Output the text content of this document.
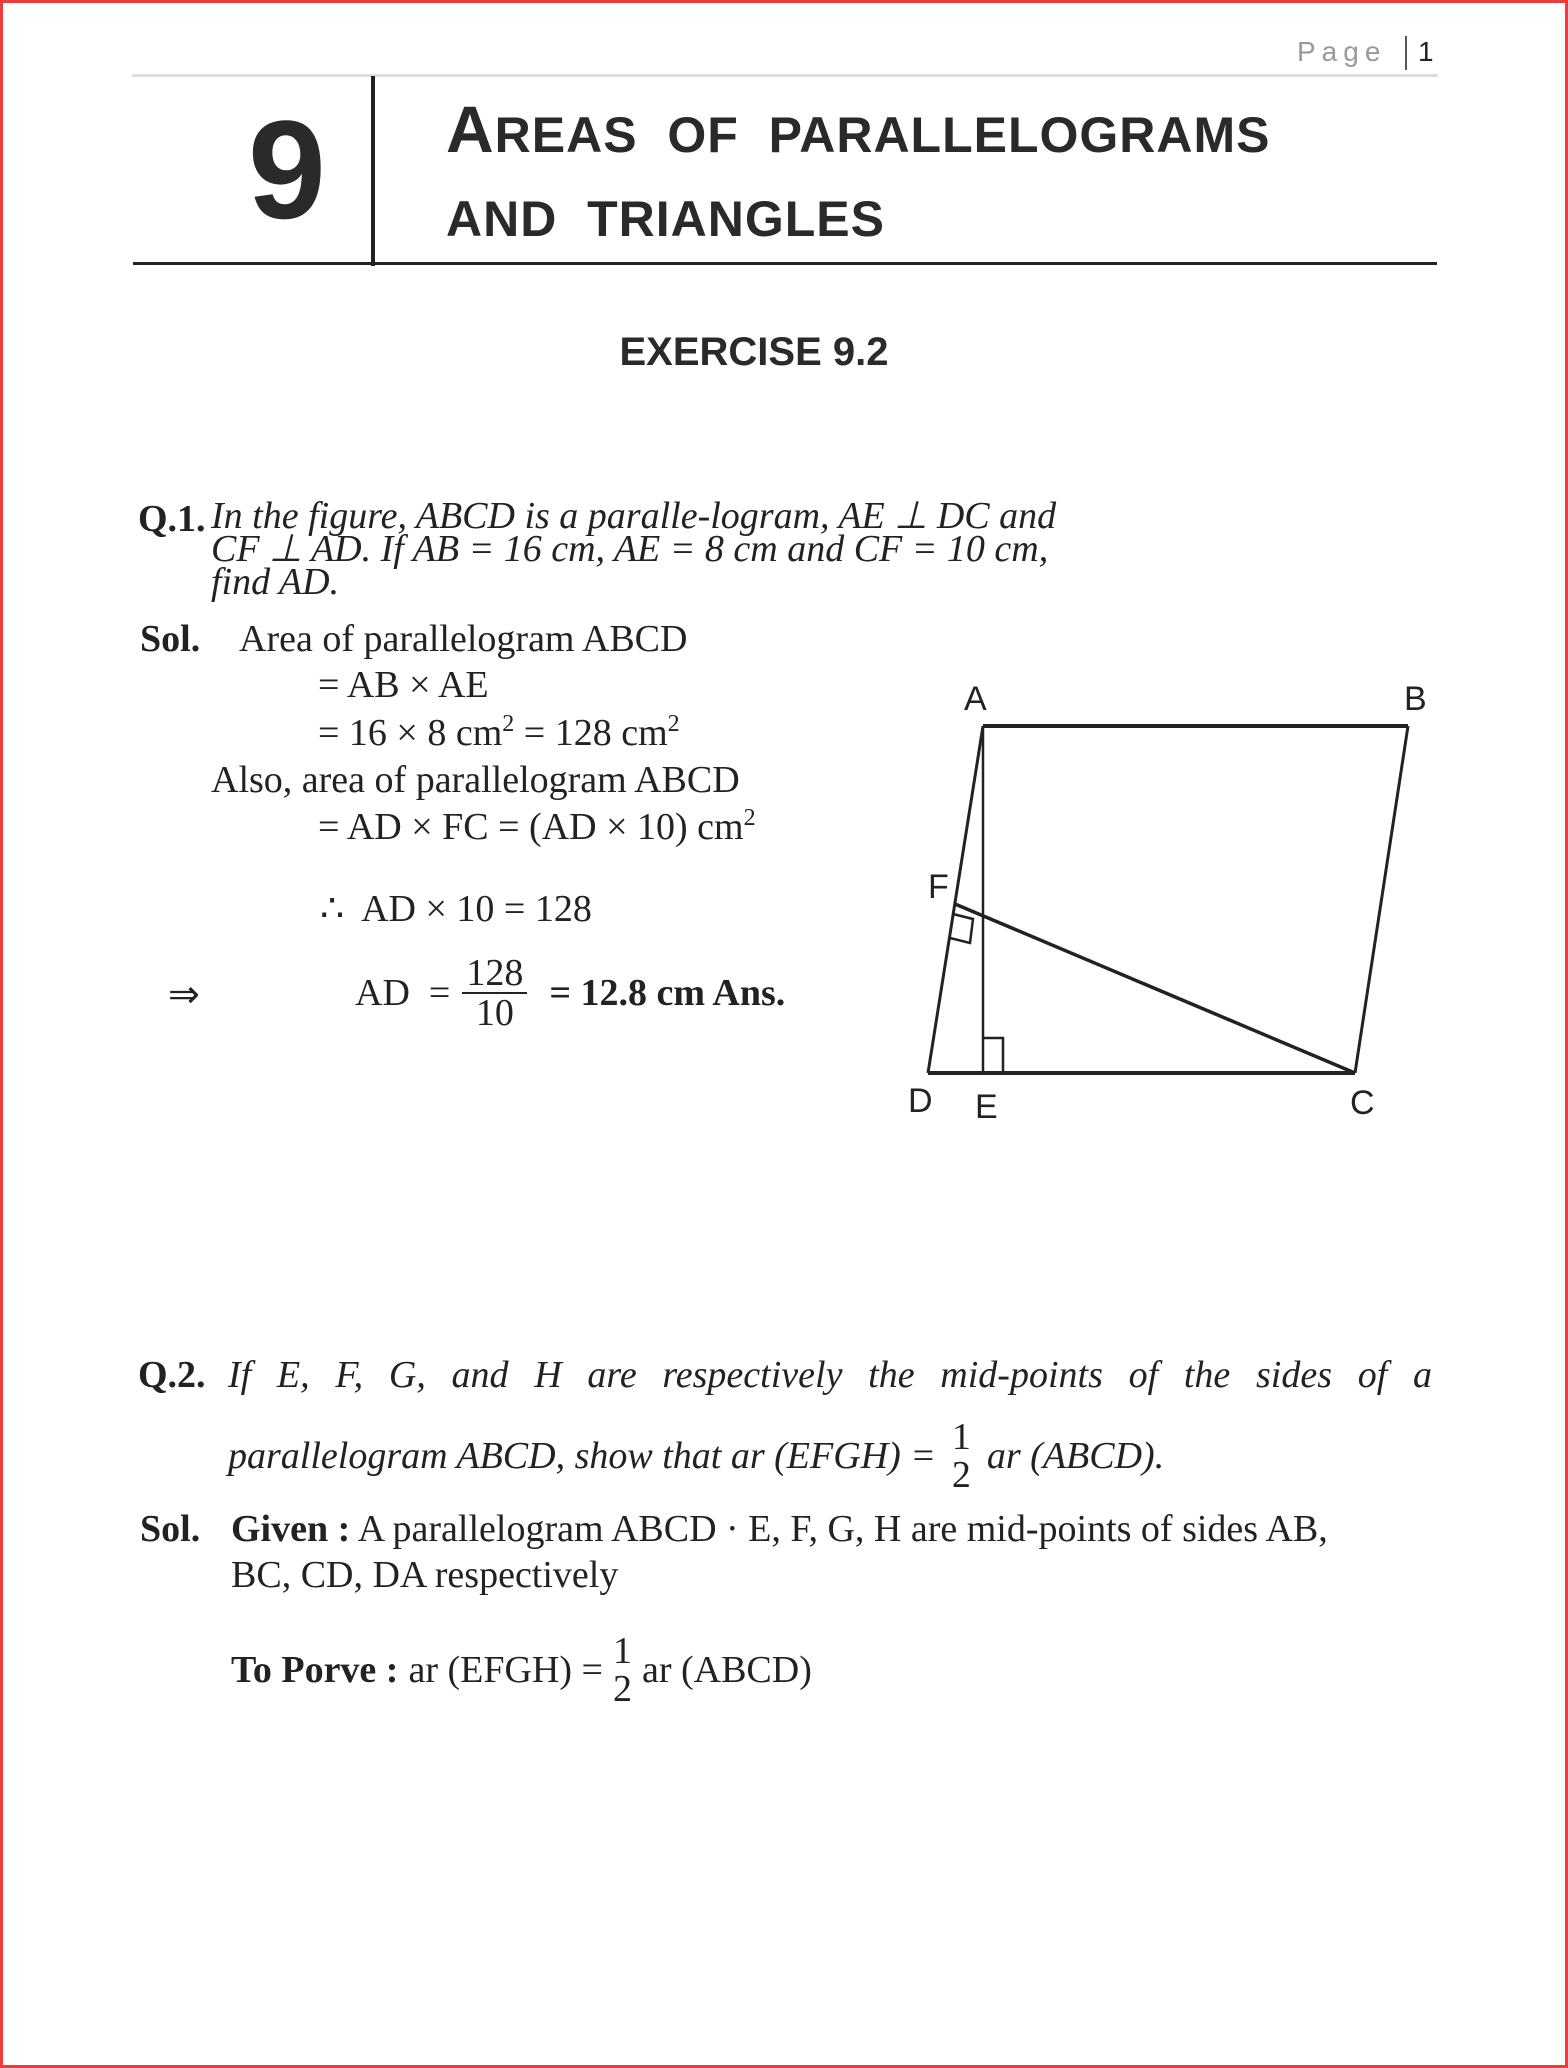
Page 1
9 AREAS  OF  PARALLELOGRAMS
AND  TRIANGLES
EXERCISE 9.2
Q.1. In the figure, ABCD is a paralle-logram, AE ⊥ DC and
CF ⊥ AD. If AB = 16 cm, AE = 8 cm and CF = 10 cm,
find AD.
Sol. Area of parallelogram ABCD
= AB × AE
= 16 × 8 $cm^2 = 128$ $cm^2$
Also, area of parallelogram ABCD
= AD × FC = (AD × 10) $cm^2$
∴  AD × 10 = 128
⇒	AD  = $\frac{128}{10} = 12.8$ cm Ans.
A	B
F
D E	C
Q.2. If E, F, G, and H are respectively the mid-points of the sides of a
parallelogram ABCD, show that ar (EFGH) = 1
2 ar (ABCD).
Sol. Given : A parallelogram ABCD · E, F, G, H are mid-points of sides AB,
BC, CD, DA respectively
To Porve : ar (EFGH) = 1
2 ar (ABCD)
